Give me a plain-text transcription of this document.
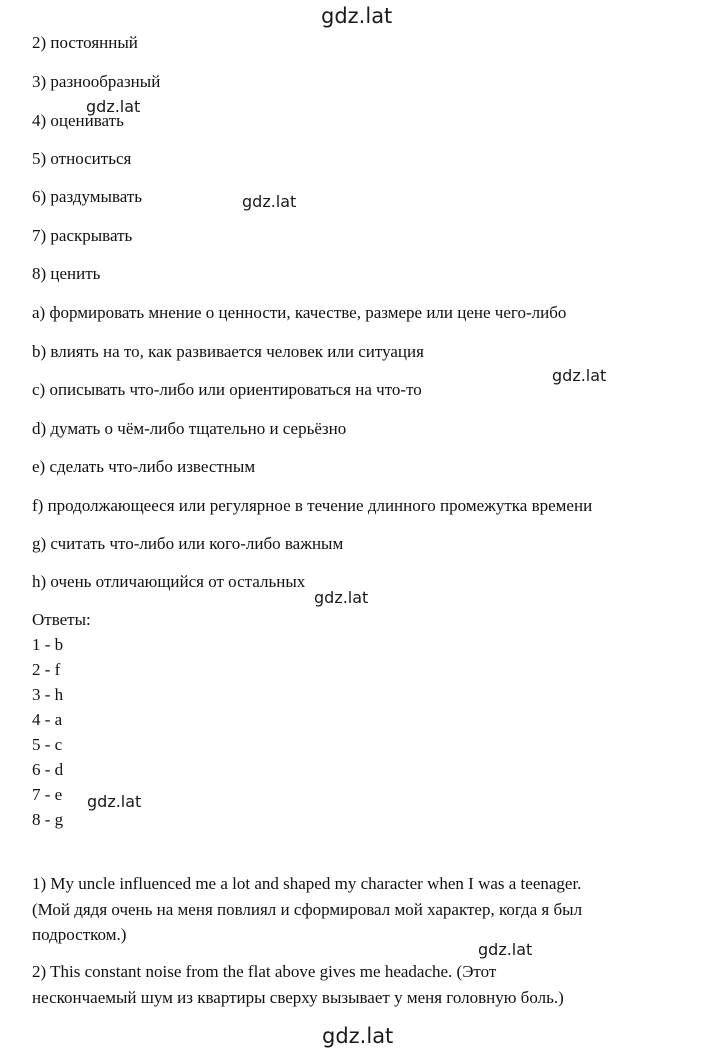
gdz.lat
2) постоянный
3) разнообразный
4) оценивать
5) относиться
6) раздумывать
7) раскрывать
8) ценить
a) формировать мнение о ценности, качестве, размере или цене чего-либо
b) влиять на то, как развивается человек или ситуация
c) описывать что-либо или ориентироваться на что-то
d) думать о чём-либо тщательно и серьёзно
e) сделать что-либо известным
f) продолжающееся или регулярное в течение длинного промежутка времени
g) считать что-либо или кого-либо важным
h) очень отличающийся от остальных
Ответы:
1 - b
2 - f
3 - h
4 - a
5 - c
6 - d
7 - e
8 - g
1) My uncle influenced me a lot and shaped my character when I was a teenager.
(Мой дядя очень на меня повлиял и сформировал мой характер, когда я был
подростком.)
2) This constant noise from the flat above gives me headache. (Этот
нескончаемый шум из квартиры сверху вызывает у меня головную боль.)
gdz.lat
gdz.lat
gdz.lat
gdz.lat
gdz.lat
gdz.lat
gdz.lat
